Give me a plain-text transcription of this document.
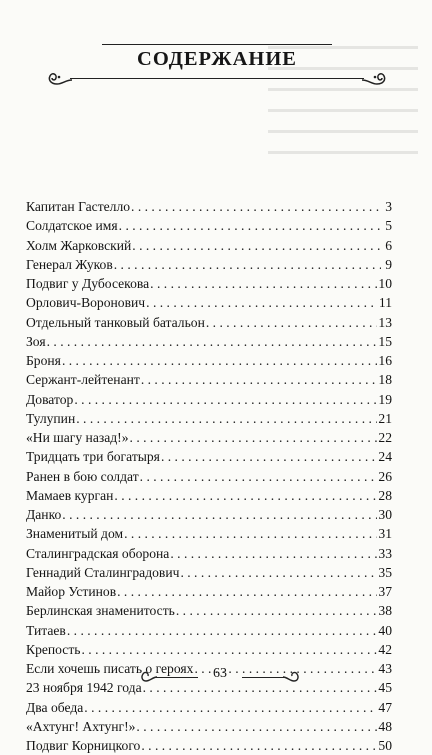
СОДЕРЖАНИЕ
Капитан Гастелло . . .	3
Солдатское имя . . .	5
Холм Жарковский . . .	6
Генерал Жуков . . .	9
Подвиг у Дубосекова . . .	10
Орлович-Воронович . . .	11
Отдельный танковый батальон . . .	13
Зоя . . .	15
Броня . . .	16
Сержант-лейтенант . . .	18
Доватор . . .	19
Тулупин . . .	21
«Ни шагу назад!» . . .	22
Тридцать три богатыря . . .	24
Ранен в бою солдат . . .	26
Мамаев курган . . .	28
Данко . . .	30
Знаменитый дом . . .	31
Сталинградская оборона . . .	33
Геннадий Сталинградович . . .	35
Майор Устинов . . .	37
Берлинская знаменитость . . .	38
Титаев . . .	40
Крепость . . .	42
Если хочешь писать о героях . . .	43
23 ноября 1942 года . . .	45
Два обеда . . .	47
«Ахтунг! Ахтунг!» . . .	48
Подвиг Корницкого . . .	50
63
